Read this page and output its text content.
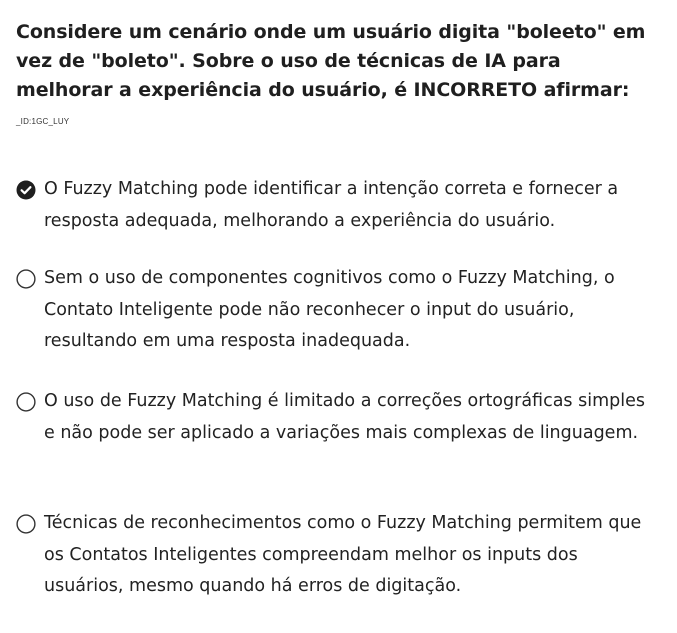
Considere um cenário onde um usuário digita "boleeto" em vez de "boleto". Sobre o uso de técnicas de IA para melhorar a experiência do usuário, é INCORRETO afirmar:
_ID:1GC_LUY
O Fuzzy Matching pode identificar a intenção correta e fornecer a resposta adequada, melhorando a experiência do usuário.
Sem o uso de componentes cognitivos como o Fuzzy Matching, o Contato Inteligente pode não reconhecer o input do usuário, resultando em uma resposta inadequada.
O uso de Fuzzy Matching é limitado a correções ortográficas simples e não pode ser aplicado a variações mais complexas de linguagem.
Técnicas de reconhecimentos como o Fuzzy Matching permitem que os Contatos Inteligentes compreendam melhor os inputs dos usuários, mesmo quando há erros de digitação.
